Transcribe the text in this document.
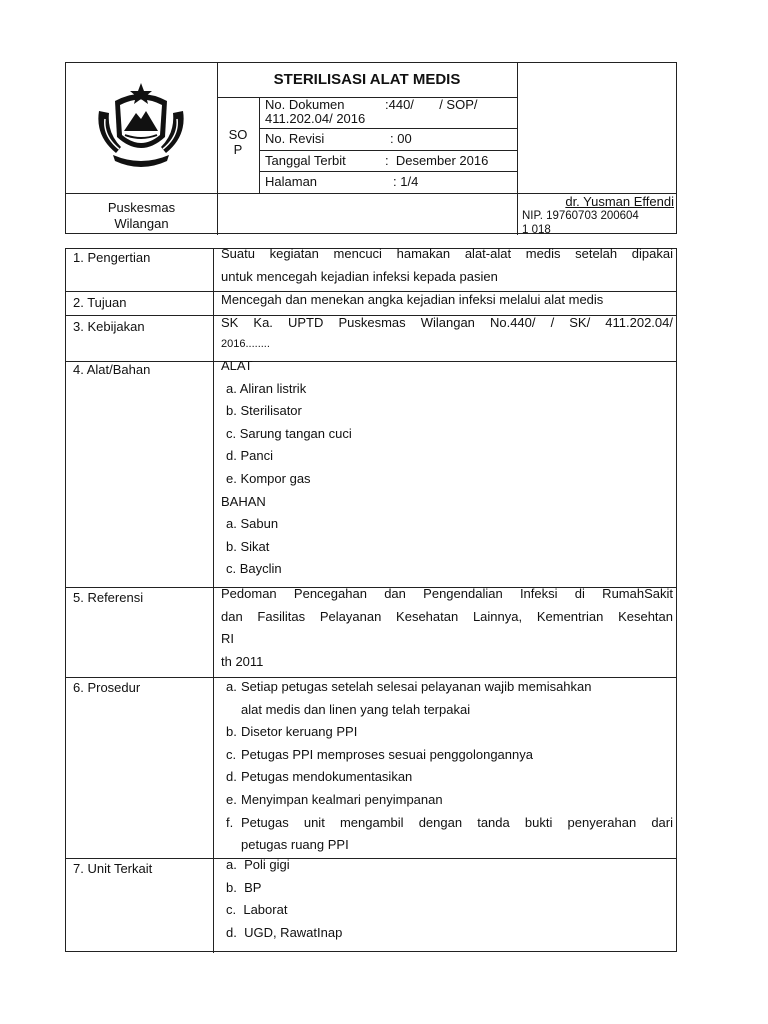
STERILISASI ALAT MEDIS
SO
P
No. Dokumen	:440/       / SOP/
411.202.04/ 2016
No. Revisi	: 00
Tanggal Terbit	:  Desember 2016
Halaman	: 1/4
Puskesmas
Wilangan
dr. Yusman Effendi
NIP. 19760703 200604
1 018
1. Pengertian	Suatu kegiatan mencuci hamakan alat-alat medis setelah dipakai
untuk mencegah kejadian infeksi kepada pasien
2. Tujuan	Mencegah dan menekan angka kejadian infeksi melalui alat medis
3. Kebijakan	SK Ka. UPTD Puskesmas Wilangan No.440/ / SK/ 411.202.04/
2016........
4. Alat/Bahan	ALAT
a. Aliran listrik
b. Sterilisator
c. Sarung tangan cuci
d. Panci
e. Kompor gas
BAHAN
a. Sabun
b. Sikat
c. Bayclin
5. Referensi	Pedoman Pencegahan dan Pengendalian Infeksi di RumahSakit
dan Fasilitas Pelayanan Kesehatan Lainnya, Kementrian Kesehtan
RI
th 2011
6. Prosedur	a. Setiap petugas setelah selesai pelayanan wajib memisahkan
alat medis dan linen yang telah terpakai
b. Disetor keruang PPI
c. Petugas PPI memproses sesuai penggolongannya
d. Petugas mendokumentasikan
e. Menyimpan kealmari penyimpanan
f. Petugas unit mengambil dengan tanda bukti penyerahan dari
petugas ruang PPI
7. Unit Terkait	a.  Poli gigi
b.  BP
c.  Laborat
d.  UGD, RawatInap
